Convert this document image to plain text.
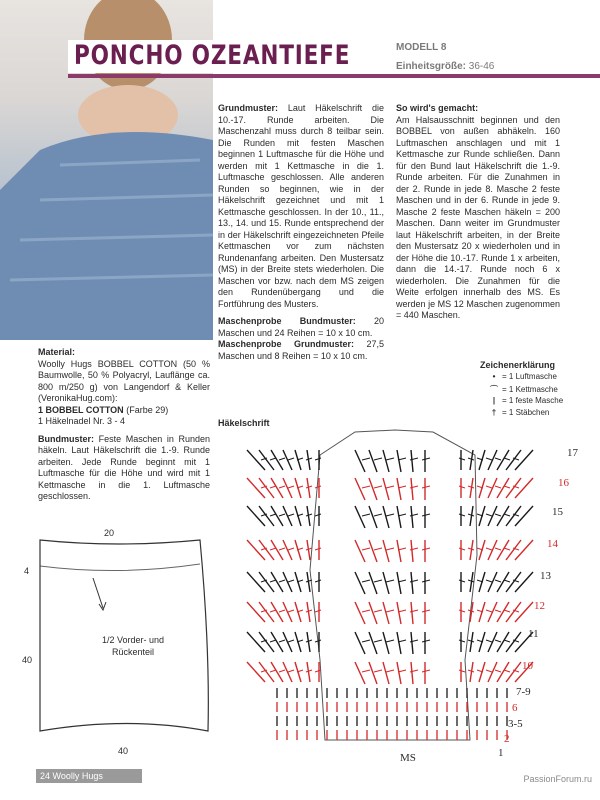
PONCHO OZEANTIEFE	MODELL 8
Einheitsgröße: 36-46

Material:
Woolly Hugs BOBBEL COTTON (50 % Baumwolle, 50 % Polyacryl, Lauflänge ca. 800 m/250 g) von Langendorf & Keller (VeronikaHug.com):
1 BOBBEL COTTON (Farbe 29)
1 Häkelnadel Nr. 3 - 4

Bundmuster: Feste Maschen in Runden häkeln. Laut Häkelschrift die 1.-9. Runde arbeiten. Jede Runde beginnt mit 1 Luftmasche für die Höhe und wird mit 1 Kettmasche in die 1. Luftmasche geschlossen.

Grundmuster: Laut Häkelschrift die 10.-17. Runde arbeiten. Die Maschenzahl muss durch 8 teilbar sein. Die Runden mit festen Maschen beginnen 1 Luftmasche für die Höhe und werden mit 1 Kettmasche in die 1. Luftmasche geschlossen. Alle anderen Runden so beginnen, wie in der Häkelschrift gezeichnet und mit 1 Kettmasche geschlossen. In der 10., 11., 13., 14. und 15. Runde entsprechend der in der Häkelschrift eingezeichneten Pfeile Kettmaschen vor zum nächsten Rundenanfang arbeiten. Den Mustersatz (MS) in der Breite stets wiederholen. Die Maschen vor bzw. nach dem MS zeigen den Rundenübergang und die Fortführung des Musters.

Maschenprobe Bundmuster: 20 Maschen und 24 Reihen = 10 x 10 cm.
Maschenprobe Grundmuster: 27,5 Maschen und 8 Reihen = 10 x 10 cm.

So wird's gemacht:
Am Halsausschnitt beginnen und den BOBBEL von außen abhäkeln. 160 Luftmaschen anschlagen und mit 1 Kettmasche zur Runde schließen. Dann für den Bund laut Häkelschrift die 1.-9. Runde arbeiten. Für die Zunahmen in der 2. Runde in jede 8. Masche 2 feste Maschen und in der 6. Runde in jede 9. Masche 2 feste Maschen häkeln = 200 Maschen. Dann weiter im Grundmuster laut Häkelschrift arbeiten, in der Breite den Mustersatz 20 x wiederholen und in der Höhe die 10.-17. Runde 1 x arbeiten, dann die 14.-17. Runde noch 6 x wiederholen. Die Zunahmen für die Weite erfolgen innerhalb des MS. Es werden je MS 12 Maschen zugenommen = 440 Maschen.

Zeichenerklärung
• = 1 Luftmasche
⌒ = 1 Kettmasche
| = 1 feste Masche
† = 1 Stäbchen
Häkelschrift
17
16
15
14
13
12
11
10
7-9
6
3-5
2
1
MS
20
4
40
40
1/2 Vorder- und Rückenteil
24 Woolly Hugs	PassionForum.ru
